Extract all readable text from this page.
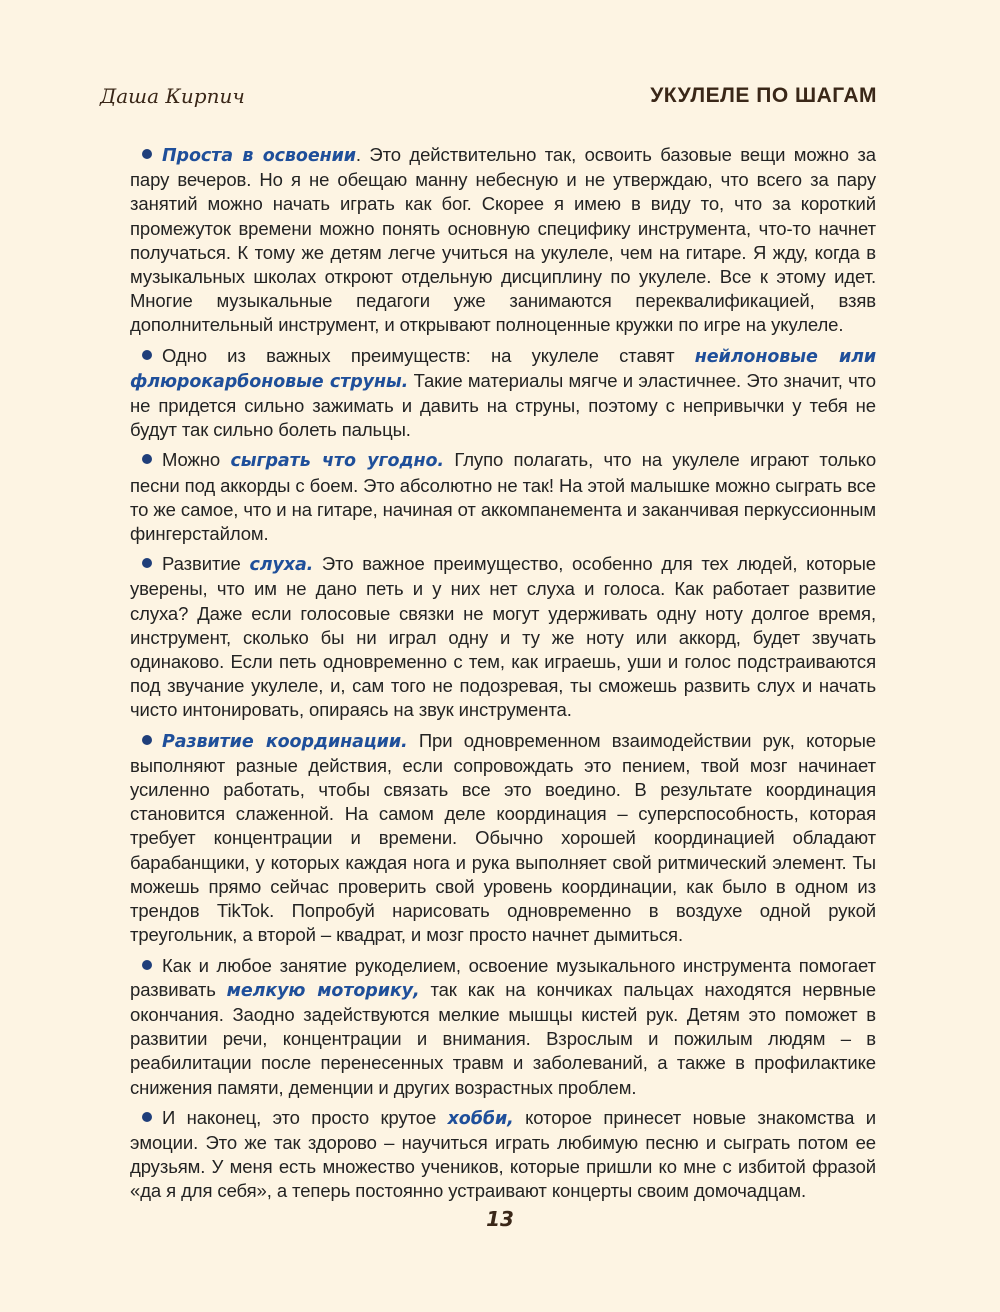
Даша Кирпич	УКУЛЕЛЕ ПО ШАГАМ

Проста в освоении. Это действительно так, освоить базовые вещи можно за пару вечеров. Но я не обещаю манну небесную и не утверждаю, что всего за пару занятий можно начать играть как бог. Скорее я имею в виду то, что за короткий промежуток времени можно понять основную специфику инструмента, что-то начнет получаться. К тому же детям легче учиться на укулеле, чем на гитаре. Я жду, когда в музыкальных школах откроют отдельную дисциплину по укулеле. Все к этому идет. Многие музыкальные педагоги уже занимаются переквалификацией, взяв дополнительный инструмент, и открывают полноценные кружки по игре на укулеле.

Одно из важных преимуществ: на укулеле ставят нейлоновые или флюрокарбоновые струны. Такие материалы мягче и эластичнее. Это значит, что не придется сильно зажимать и давить на струны, поэтому с непривычки у тебя не будут так сильно болеть пальцы.

Можно сыграть что угодно. Глупо полагать, что на укулеле играют только песни под аккорды с боем. Это абсолютно не так! На этой малышке можно сыграть все то же самое, что и на гитаре, начиная от аккомпанемента и заканчивая перкуссионным фингерстайлом.

Развитие слуха. Это важное преимущество, особенно для тех людей, которые уверены, что им не дано петь и у них нет слуха и голоса. Как работает развитие слуха? Даже если голосовые связки не могут удерживать одну ноту долгое время, инструмент, сколько бы ни играл одну и ту же ноту или аккорд, будет звучать одинаково. Если петь одновременно с тем, как играешь, уши и голос подстраиваются под звучание укулеле, и, сам того не подозревая, ты сможешь развить слух и начать чисто интонировать, опираясь на звук инструмента.

Развитие координации. При одновременном взаимодействии рук, которые выполняют разные действия, если сопровождать это пением, твой мозг начинает усиленно работать, чтобы связать все это воедино. В результате координация становится слаженной. На самом деле координация – суперспособность, которая требует концентрации и времени. Обычно хорошей координацией обладают барабанщики, у которых каждая нога и рука выполняет свой ритмический элемент. Ты можешь прямо сейчас проверить свой уровень координации, как было в одном из трендов TikTok. Попробуй нарисовать одновременно в воздухе одной рукой треугольник, а второй – квадрат, и мозг просто начнет дымиться.

Как и любое занятие рукоделием, освоение музыкального инструмента помогает развивать мелкую моторику, так как на кончиках пальцах находятся нервные окончания. Заодно задействуются мелкие мышцы кистей рук. Детям это поможет в развитии речи, концентрации и внимания. Взрослым и пожилым людям – в реабилитации после перенесенных травм и заболеваний, а также в профилактике снижения памяти, деменции и других возрастных проблем.

И наконец, это просто крутое хобби, которое принесет новые знакомства и эмоции. Это же так здорово – научиться играть любимую песню и сыграть потом ее друзьям. У меня есть множество учеников, которые пришли ко мне с избитой фразой «да я для себя», а теперь постоянно устраивают концерты своим домочадцам.

13
